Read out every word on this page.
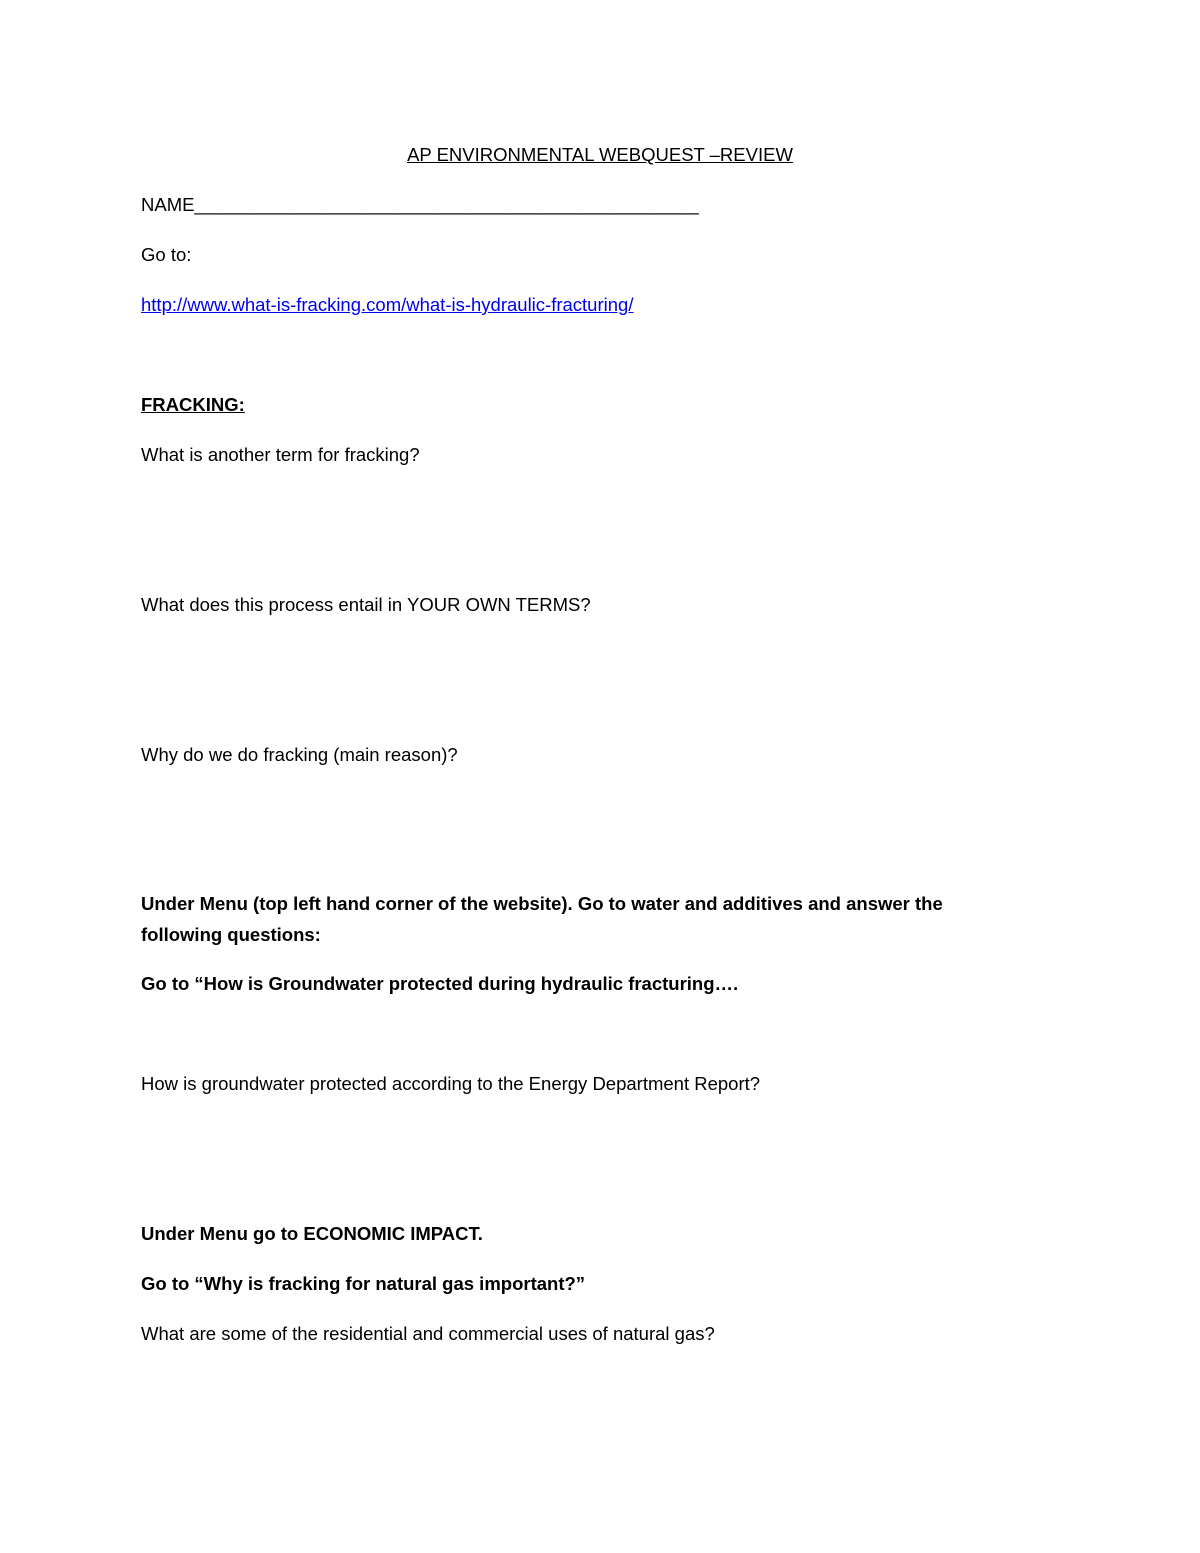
AP ENVIRONMENTAL WEBQUEST –REVIEW
NAME_________________________________________________
Go to:
http://www.what-is-fracking.com/what-is-hydraulic-fracturing/
FRACKING:
What is another term for fracking?
What does this process entail in YOUR OWN TERMS?
Why do we do fracking (main reason)?
Under Menu (top left hand corner of the website). Go to water and additives and answer the following questions:
Go to “How is Groundwater protected during hydraulic fracturing….
How is groundwater protected according to the Energy Department Report?
Under Menu go to ECONOMIC IMPACT.
Go to “Why is fracking for natural gas important?”
What are some of the residential and commercial uses of natural gas?
